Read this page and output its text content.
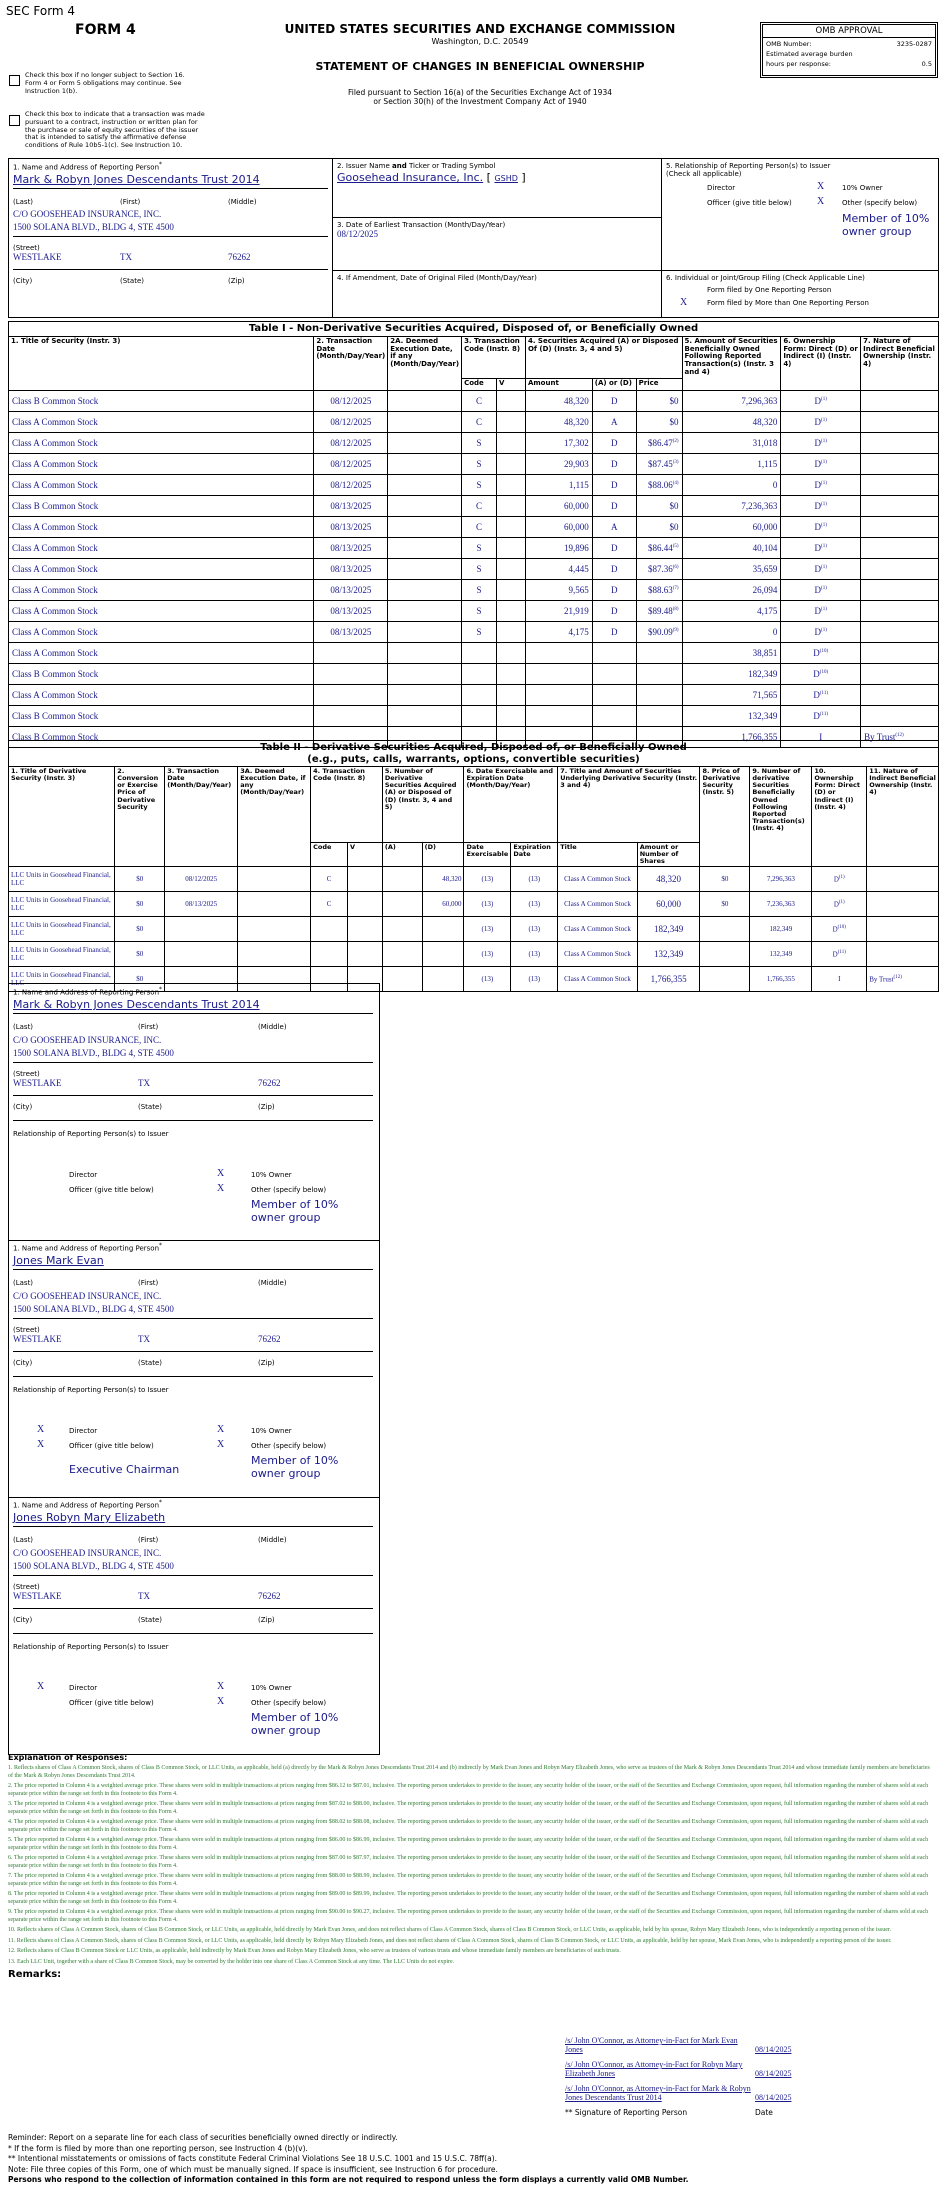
SEC Form 4
FORM 4	UNITED STATES SECURITIES AND EXCHANGE COMMISSION
Washington, D.C. 20549
STATEMENT OF CHANGES IN BENEFICIAL OWNERSHIP
Filed pursuant to Section 16(a) of the Securities Exchange Act of 1934
or Section 30(h) of the Investment Company Act of 1940
Check this box if no longer subject to Section 16. Form 4 or Form 5 obligations may continue. See Instruction 1(b).
Check this box to indicate that a transaction was made pursuant to a contract, instruction or written plan for the purchase or sale of equity securities of the issuer that is intended to satisfy the affirmative defense conditions of Rule 10b5-1(c). See Instruction 10.
OMB APPROVAL
OMB Number:	3235-0287
Estimated average burden
hours per response:	0.5
1. Name and Address of Reporting Person*
Mark & Robyn Jones Descendants Trust 2014
(Last)	(First)	(Middle)
C/O GOOSEHEAD INSURANCE, INC.
1500 SOLANA BLVD., BLDG 4, STE 4500
(Street)
WESTLAKE	TX	76262
(City)	(State)	(Zip)
2. Issuer Name and Ticker or Trading Symbol
Goosehead Insurance, Inc. [ GSHD ]
3. Date of Earliest Transaction (Month/Day/Year)
08/12/2025
4. If Amendment, Date of Original Filed (Month/Day/Year)
5. Relationship of Reporting Person(s) to Issuer
(Check all applicable)
Director	X	10% Owner
Officer (give title below)	X	Other (specify below)
Member of 10% owner group
6. Individual or Joint/Group Filing (Check Applicable Line)
Form filed by One Reporting Person
X	Form filed by More than One Reporting Person
Table I - Non-Derivative Securities Acquired, Disposed of, or Beneficially Owned
1. Title of Security (Instr. 3)	2. Transaction Date (Month/Day/Year)	2A. Deemed Execution Date, if any (Month/Day/Year)	3. Transaction Code (Instr. 8)		4. Securities Acquired (A) or Disposed Of (D) (Instr. 3, 4 and 5)			5. Amount of Securities Beneficially Owned Following Reported Transaction(s) (Instr. 3 and 4)	6. Ownership Form: Direct (D) or Indirect (I) (Instr. 4)	7. Nature of Indirect Beneficial Ownership (Instr. 4)
			Code	V	Amount	(A) or (D)	Price			
Class B Common Stock	08/12/2025		C		48,320	D	$0	7,296,363	$D^{(1)}$	
Class A Common Stock	08/12/2025		C		48,320	A	$0	48,320	$D^{(1)}$	
Class A Common Stock	08/12/2025		S		17,302	D	$86.47$^{(2)}$	31,018	$D^{(1)}$	
Class A Common Stock	08/12/2025		S		29,903	D	$87.45$^{(3)}$	1,115	$D^{(1)}$	
Class A Common Stock	08/12/2025		S		1,115	D	$88.06$^{(4)}$	0	$D^{(1)}$	
Class B Common Stock	08/13/2025		C		60,000	D	$0	7,236,363	$D^{(1)}$	
Class A Common Stock	08/13/2025		C		60,000	A	$0	60,000	$D^{(1)}$	
Class A Common Stock	08/13/2025		S		19,896	D	$86.44$^{(5)}$	40,104	$D^{(1)}$	
Class A Common Stock	08/13/2025		S		4,445	D	$87.36$^{(6)}$	35,659	$D^{(1)}$	
Class A Common Stock	08/13/2025		S		9,565	D	$88.63$^{(7)}$	26,094	$D^{(1)}$	
Class A Common Stock	08/13/2025		S		21,919	D	$89.48$^{(8)}$	4,175	$D^{(1)}$	
Class A Common Stock	08/13/2025		S		4,175	D	$90.09$^{(9)}$	0	$D^{(1)}$	
Class A Common Stock								38,851	$D^{(10)}$	
Class B Common Stock								182,349	$D^{(10)}$	
Class A Common Stock								71,565	$D^{(11)}$	
Class B Common Stock								132,349	$D^{(11)}$	
Class B Common Stock								1,766,355	I	By Trust$^{(12)}$
Table II - Derivative Securities Acquired, Disposed of, or Beneficially Owned
(e.g., puts, calls, warrants, options, convertible securities)
1. Title of Derivative Security (Instr. 3)	2. Conversion or Exercise Price of Derivative Security	3. Transaction Date (Month/Day/Year)	3A. Deemed Execution Date, if any (Month/Day/Year)	4. Transaction Code (Instr. 8)		5. Number of Derivative Securities Acquired (A) or Disposed of (D) (Instr. 3, 4 and 5)		6. Date Exercisable and Expiration Date (Month/Day/Year)		7. Title and Amount of Securities Underlying Derivative Security (Instr. 3 and 4)		8. Price of Derivative Security (Instr. 5)	9. Number of derivative Securities Beneficially Owned Following Reported Transaction(s) (Instr. 4)	10. Ownership Form: Direct (D) or Indirect (I) (Instr. 4)	11. Nature of Indirect Beneficial Ownership (Instr. 4)
				Code	V	(A)	(D)	Date Exercisable	Expiration Date	Title	Amount or Number of Shares				
LLC Units in Goosehead Financial, LLC	$0	08/12/2025		C			48,320	(13)	(13)	Class A Common Stock	48,320	$0	7,296,363	$D^{(1)}$	
LLC Units in Goosehead Financial, LLC	$0	08/13/2025		C			60,000	(13)	(13)	Class A Common Stock	60,000	$0	7,236,363	$D^{(1)}$	
LLC Units in Goosehead Financial, LLC	$0							(13)	(13)	Class A Common Stock	182,349		182,349	$D^{(10)}$	
LLC Units in Goosehead Financial, LLC	$0							(13)	(13)	Class A Common Stock	132,349		132,349	$D^{(11)}$	
LLC Units in Goosehead Financial, LLC	$0							(13)	(13)	Class A Common Stock	1,766,355		1,766,355	I	By Trust$^{(12)}$
1. Name and Address of Reporting Person*
Mark & Robyn Jones Descendants Trust 2014
(Last)	(First)	(Middle)
C/O GOOSEHEAD INSURANCE, INC.
1500 SOLANA BLVD., BLDG 4, STE 4500
(Street)
WESTLAKE	TX	76262
(City)	(State)	(Zip)
Relationship of Reporting Person(s) to Issuer
Director	X	10% Owner
Officer (give title below)	X	Other (specify below)
Member of 10% owner group
1. Name and Address of Reporting Person*
Jones Mark Evan
(Last)	(First)	(Middle)
C/O GOOSEHEAD INSURANCE, INC.
1500 SOLANA BLVD., BLDG 4, STE 4500
(Street)
WESTLAKE	TX	76262
(City)	(State)	(Zip)
Relationship of Reporting Person(s) to Issuer
X	Director	X	10% Owner
X	Officer (give title below)	X	Other (specify below)
Executive Chairman
Member of 10% owner group
1. Name and Address of Reporting Person*
Jones Robyn Mary Elizabeth
(Last)	(First)	(Middle)
C/O GOOSEHEAD INSURANCE, INC.
1500 SOLANA BLVD., BLDG 4, STE 4500
(Street)
WESTLAKE	TX	76262
(City)	(State)	(Zip)
Relationship of Reporting Person(s) to Issuer
X	Director	X	10% Owner
Officer (give title below)	X	Other (specify below)
Member of 10% owner group
Explanation of Responses:
1. Reflects shares of Class A Common Stock, shares of Class B Common Stock, or LLC Units, as applicable, held (a) directly by the Mark & Robyn Jones Descendants Trust 2014 and (b) indirectly by Mark Evan Jones and Robyn Mary Elizabeth Jones, who serve as trustees of the Mark & Robyn Jones Descendants Trust 2014 and whose immediate family members are beneficiaries of the Mark & Robyn Jones Descendants Trust 2014.
2. The price reported in Column 4 is a weighted average price. These shares were sold in multiple transactions at prices ranging from $86.12 to $87.01, inclusive. The reporting person undertakes to provide to the issuer, any security holder of the issuer, or the staff of the Securities and Exchange Commission, upon request, full information regarding the number of shares sold at each separate price within the range set forth in this footnote to this Form 4.
3. The price reported in Column 4 is a weighted average price. These shares were sold in multiple transactions at prices ranging from $87.02 to $88.00, inclusive. The reporting person undertakes to provide to the issuer, any security holder of the issuer, or the staff of the Securities and Exchange Commission, upon request, full information regarding the number of shares sold at each separate price within the range set forth in this footnote to this Form 4.
4. The price reported in Column 4 is a weighted average price. These shares were sold in multiple transactions at prices ranging from $88.02 to $88.08, inclusive. The reporting person undertakes to provide to the issuer, any security holder of the issuer, or the staff of the Securities and Exchange Commission, upon request, full information regarding the number of shares sold at each separate price within the range set forth in this footnote to this Form 4.
5. The price reported in Column 4 is a weighted average price. These shares were sold in multiple transactions at prices ranging from $86.00 to $86.99, inclusive. The reporting person undertakes to provide to the issuer, any security holder of the issuer, or the staff of the Securities and Exchange Commission, upon request, full information regarding the number of shares sold at each separate price within the range set forth in this footnote to this Form 4.
6. The price reported in Column 4 is a weighted average price. These shares were sold in multiple transactions at prices ranging from $87.00 to $87.97, inclusive. The reporting person undertakes to provide to the issuer, any security holder of the issuer, or the staff of the Securities and Exchange Commission, upon request, full information regarding the number of shares sold at each separate price within the range set forth in this footnote to this Form 4.
7. The price reported in Column 4 is a weighted average price. These shares were sold in multiple transactions at prices ranging from $88.00 to $88.99, inclusive. The reporting person undertakes to provide to the issuer, any security holder of the issuer, or the staff of the Securities and Exchange Commission, upon request, full information regarding the number of shares sold at each separate price within the range set forth in this footnote to this Form 4.
8. The price reported in Column 4 is a weighted average price. These shares were sold in multiple transactions at prices ranging from $89.00 to $89.99, inclusive. The reporting person undertakes to provide to the issuer, any security holder of the issuer, or the staff of the Securities and Exchange Commission, upon request, full information regarding the number of shares sold at each separate price within the range set forth in this footnote to this Form 4.
9. The price reported in Column 4 is a weighted average price. These shares were sold in multiple transactions at prices ranging from $90.00 to $90.27, inclusive. The reporting person undertakes to provide to the issuer, any security holder of the issuer, or the staff of the Securities and Exchange Commission, upon request, full information regarding the number of shares sold at each separate price within the range set forth in this footnote to this Form 4.
10. Reflects shares of Class A Common Stock, shares of Class B Common Stock, or LLC Units, as applicable, held directly by Mark Evan Jones, and does not reflect shares of Class A Common Stock, shares of Class B Common Stock, or LLC Units, as applicable, held by his spouse, Robyn Mary Elizabeth Jones, who is independently a reporting person of the issuer.
11. Reflects shares of Class A Common Stock, shares of Class B Common Stock, or LLC Units, as applicable, held directly by Robyn Mary Elizabeth Jones, and does not reflect shares of Class A Common Stock, shares of Class B Common Stock, or LLC Units, as applicable, held by her spouse, Mark Evan Jones, who is independently a reporting person of the issuer.
12. Reflects shares of Class B Common Stock or LLC Units, as applicable, held indirectly by Mark Evan Jones and Robyn Mary Elizabeth Jones, who serve as trustees of various trusts and whose immediate family members are beneficiaries of such trusts.
13. Each LLC Unit, together with a share of Class B Common Stock, may be converted by the holder into one share of Class A Common Stock at any time. The LLC Units do not expire.
Remarks:
/s/ John O'Connor, as Attorney-in-Fact for Mark Evan Jones	08/14/2025
/s/ John O'Connor, as Attorney-in-Fact for Robyn Mary Elizabeth Jones	08/14/2025
/s/ John O'Connor, as Attorney-in-Fact for Mark & Robyn Jones Descendants Trust 2014	08/14/2025
** Signature of Reporting Person	Date
Reminder: Report on a separate line for each class of securities beneficially owned directly or indirectly.
* If the form is filed by more than one reporting person, see Instruction 4 (b)(v).
** Intentional misstatements or omissions of facts constitute Federal Criminal Violations See 18 U.S.C. 1001 and 15 U.S.C. 78ff(a).
Note: File three copies of this Form, one of which must be manually signed. If space is insufficient, see Instruction 6 for procedure.
Persons who respond to the collection of information contained in this form are not required to respond unless the form displays a currently valid OMB Number.
